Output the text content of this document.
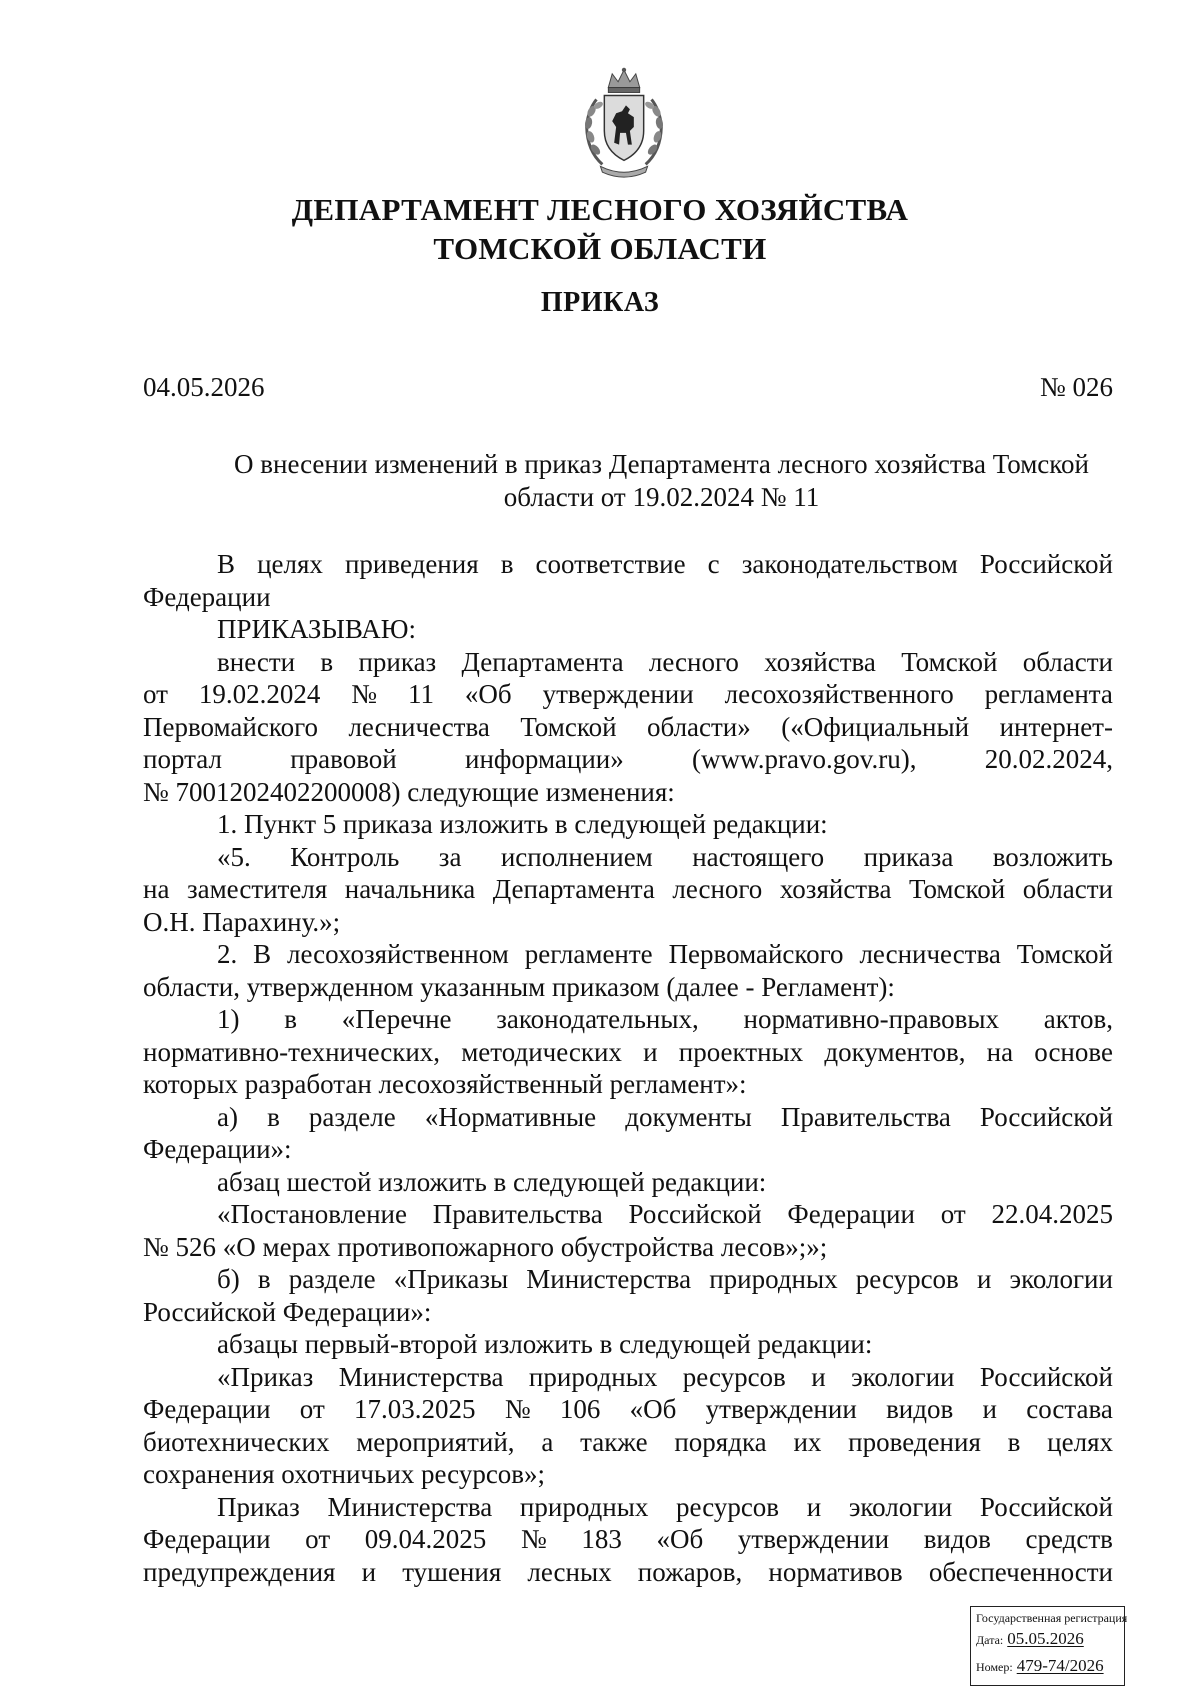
ДЕПАРТАМЕНТ ЛЕСНОГО ХОЗЯЙСТВА
ТОМСКОЙ ОБЛАСТИ
ПРИКАЗ
04.05.2026	№ 026
О внесении изменений в приказ Департамента лесного хозяйства Томской
области от 19.02.2024 № 11
В целях приведения в соответствие с законодательством Российской
Федерации
ПРИКАЗЫВАЮ:
внести в приказ Департамента лесного хозяйства Томской области
от 19.02.2024 № 11 «Об утверждении лесохозяйственного регламента
Первомайского лесничества Томской области» («Официальный интернет-
портал	правовой	информации»	(www.pravo.gov.ru),	20.02.2024,
№ 7001202402200008) следующие изменения:
1. Пункт 5 приказа изложить в следующей редакции:
«5. Контроль за исполнением настоящего приказа возложить
на заместителя начальника Департамента лесного хозяйства Томской области
О.Н. Парахину.»;
2. В лесохозяйственном регламенте Первомайского лесничества Томской
области, утвержденном указанным приказом (далее - Регламент):
1) в «Перечне законодательных, нормативно-правовых актов,
нормативно-технических, методических и проектных документов, на основе
которых разработан лесохозяйственный регламент»:
а) в разделе «Нормативные документы Правительства Российской
Федерации»:
абзац шестой изложить в следующей редакции:
«Постановление Правительства Российской Федерации от 22.04.2025
№ 526 «О мерах противопожарного обустройства лесов»;»;
б) в разделе «Приказы Министерства природных ресурсов и экологии
Российской Федерации»:
абзацы первый-второй изложить в следующей редакции:
«Приказ Министерства природных ресурсов и экологии Российской
Федерации от 17.03.2025 № 106 «Об утверждении видов и состава
биотехнических мероприятий, а также порядка их проведения в целях
сохранения охотничьих ресурсов»;
Приказ Министерства природных ресурсов и экологии Российской
Федерации от 09.04.2025 № 183 «Об утверждении видов средств
предупреждения и тушения лесных пожаров, нормативов обеспеченности
Государственная регистрация
Дата: 05.05.2026
Номер: 479-74/2026
